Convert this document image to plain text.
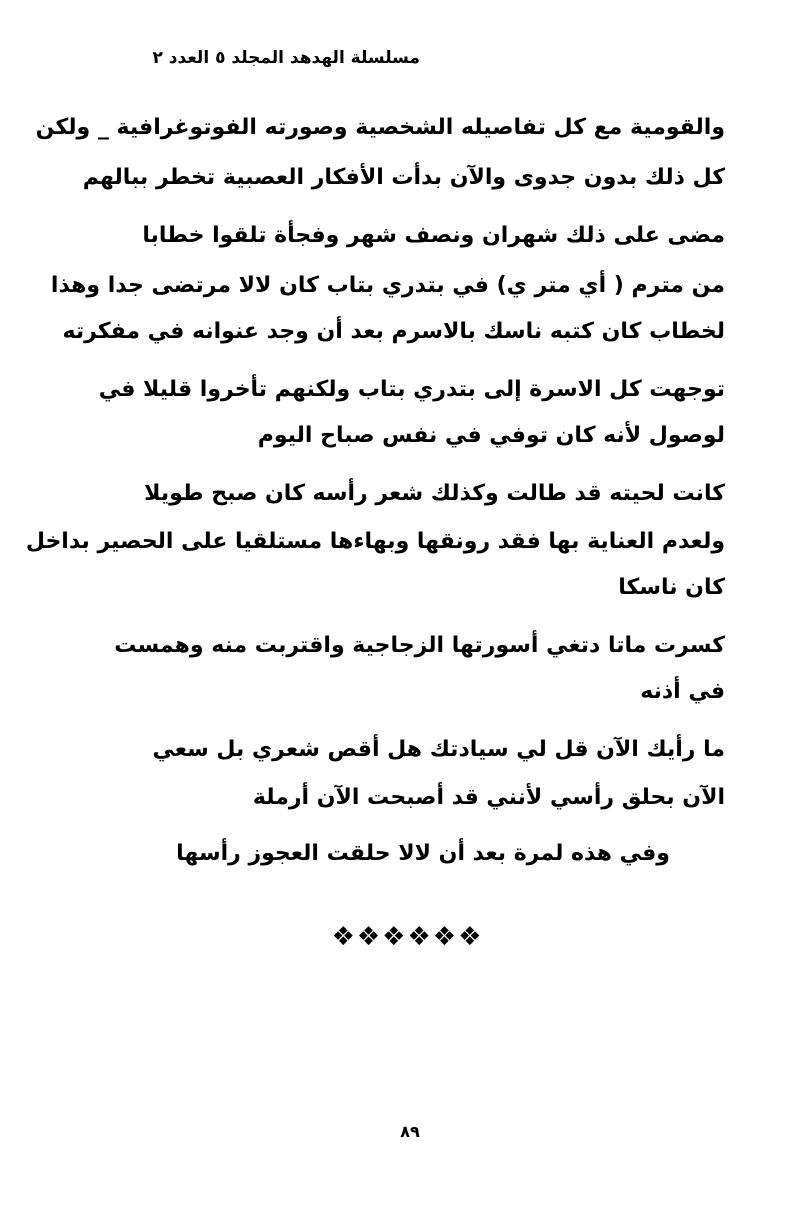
مسلسلة الهدهد المجلد ٥ العدد ٢
والقومية مع كل تفاصيله الشخصية وصورته الفوتوغرافية _ ولكن
كل ذلك بدون جدوى والآن بدأت الأفكار العصبية تخطر ببالهم
مضى على ذلك شهران ونصف شهر وفجأة تلقوا خطابا
من مترم ( أي متر ي) في بتدري بتاب كان لالا مرتضى جدا وهذا
لخطاب كان كتبه ناسك بالاسرم بعد أن وجد عنوانه في مفكرته
توجهت كل الاسرة إلى بتدري بتاب ولكنهم تأخروا قليلا في
لوصول لأنه كان توفي في نفس صباح اليوم
كانت لحيته قد طالت وكذلك شعر رأسه كان صبح طويلا
ولعدم العناية بها فقد رونقها وبهاءها مستلقيا على الحصير بداخل
كان ناسكا
كسرت ماتا دتغي أسورتها الزجاجية واقتربت منه وهمست
في أذنه
ما رأيك الآن قل لي سيادتك هل أقص شعري بل سعي
الآن بحلق رأسي لأنني قد أصبحت الآن أرملة
وفي هذه لمرة بعد أن لالا حلقت العجوز رأسها
❖❖❖❖❖❖
٨٩
